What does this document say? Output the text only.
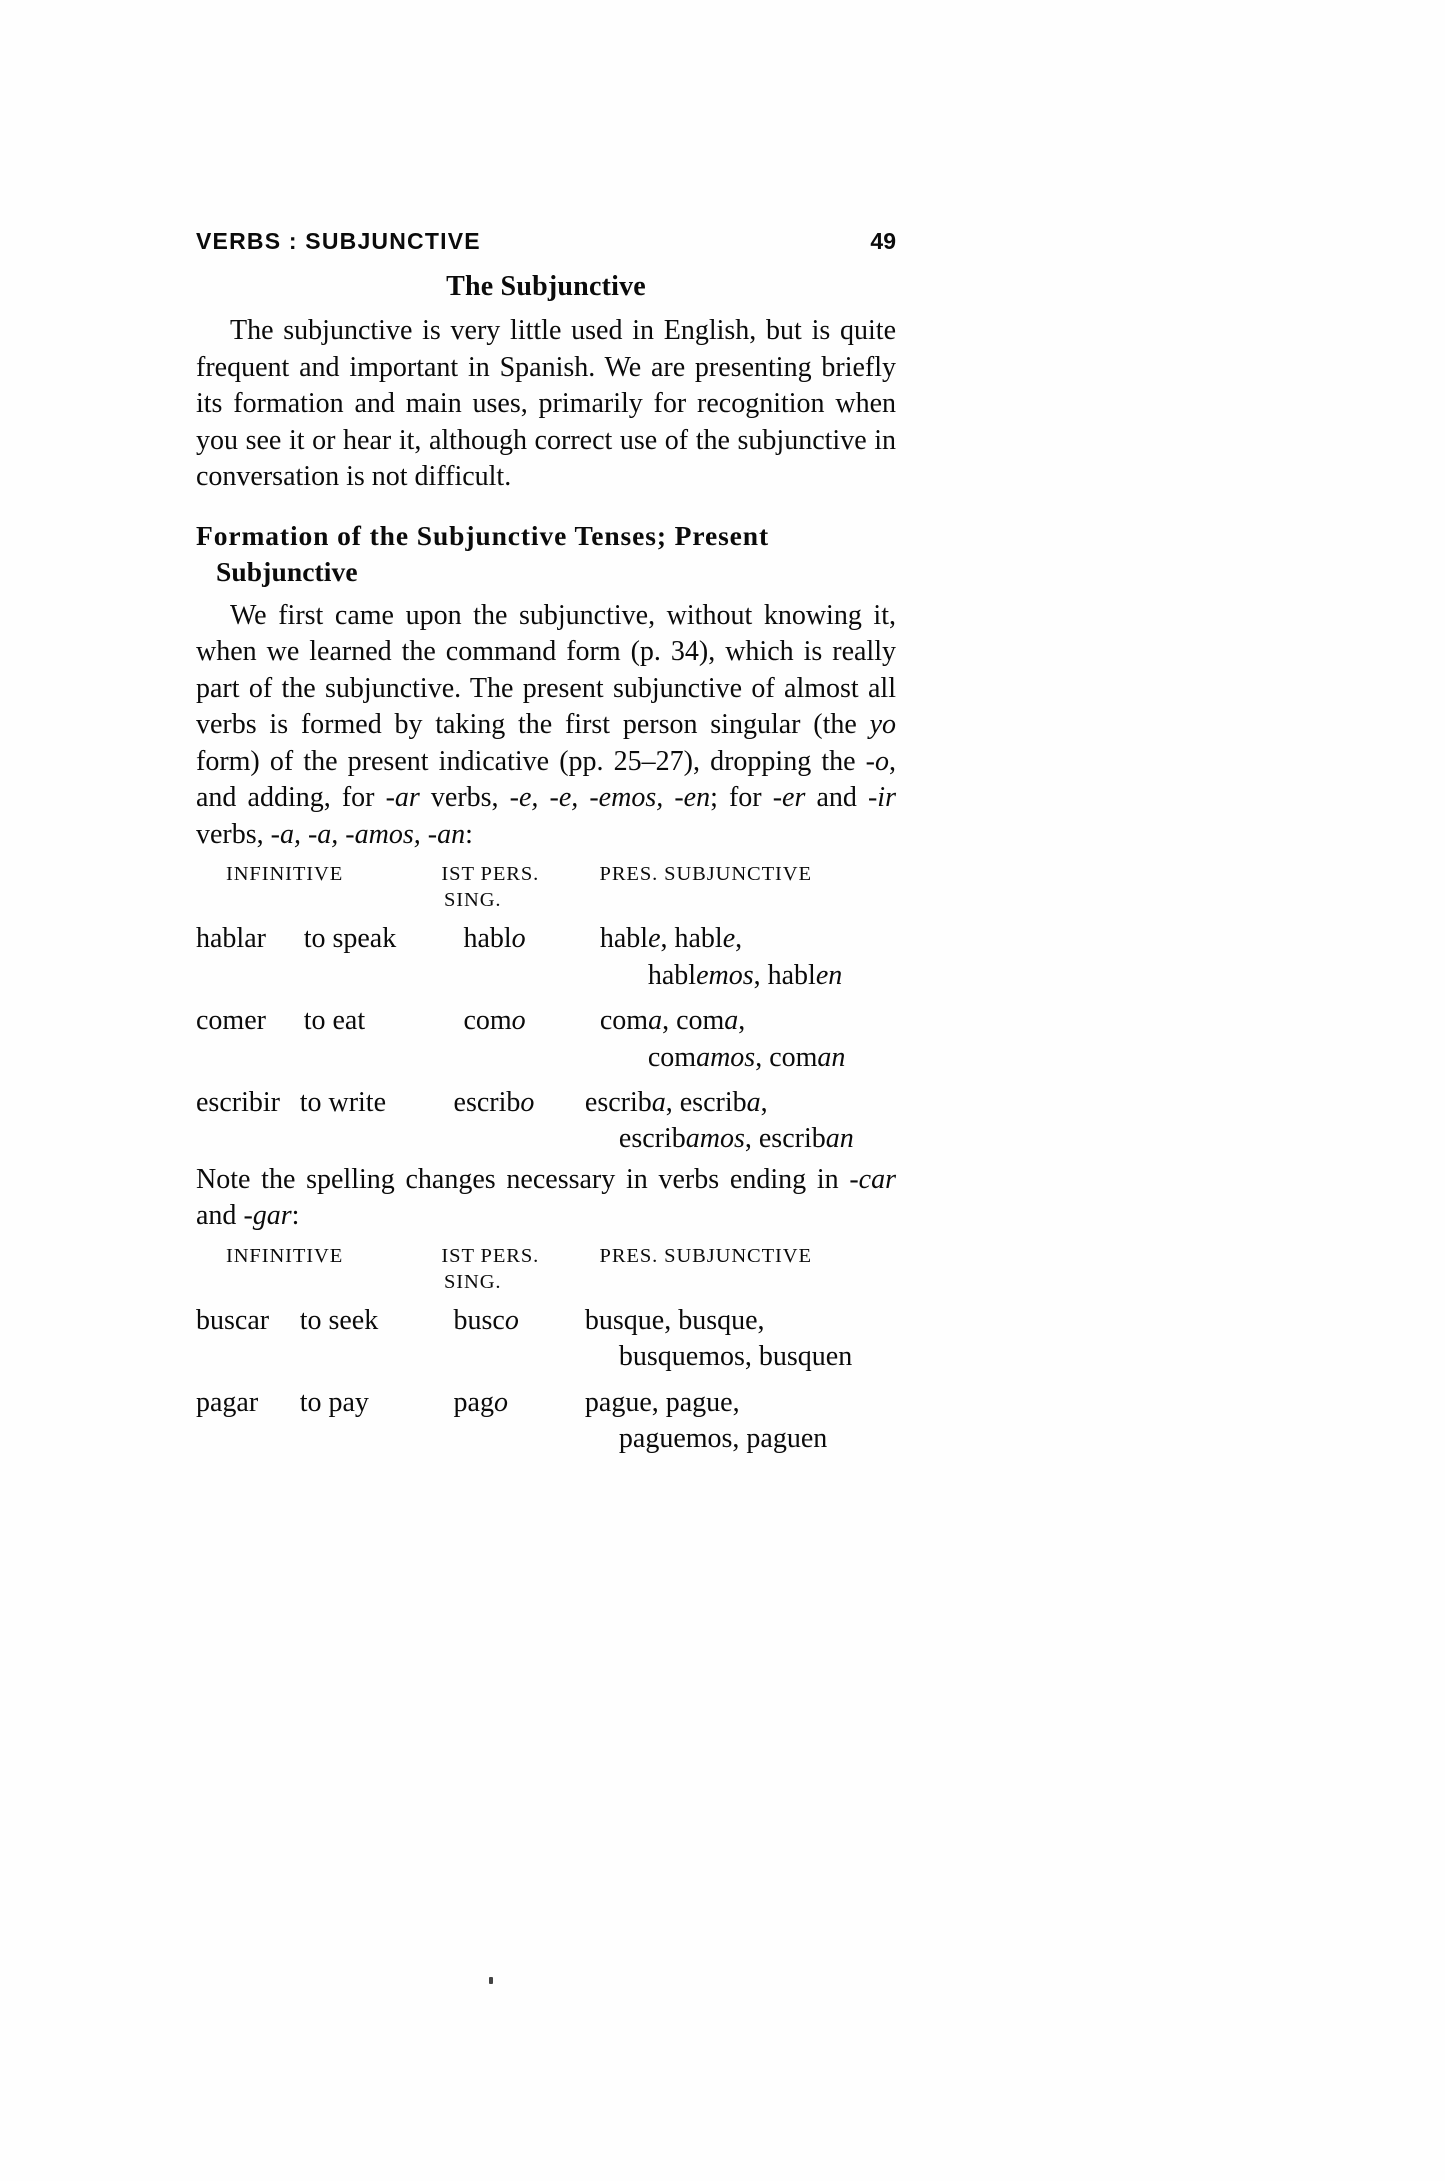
VERBS : SUBJUNCTIVE	49
The Subjunctive

The subjunctive is very little used in English, but is quite frequent and important in Spanish. We are presenting briefly its formation and main uses, primarily for recognition when you see it or hear it, although correct use of the subjunctive in conversation is not difficult.

Formation of the Subjunctive Tenses; Present
Subjunctive

We first came upon the subjunctive, without knowing it, when we learned the command form (p. 34), which is really part of the subjunctive. The present subjunctive of almost all verbs is formed by taking the first person singular (the yo form) of the present indicative (pp. 25–27), dropping the -o, and adding, for -ar verbs, -e, -e, -emos, -en; for -er and -ir verbs, -a, -a, -amos, -an:

INFINITIVE	IST PERS.	PRES. SUBJUNCTIVE
SING.
hablar	to speak	hablo	hable, hable,
hablemos, hablen
comer	to eat	como	coma, coma,
comamos, coman
escribir to write	escribo	escriba, escriba,
escribamos, escriban

Note the spelling changes necessary in verbs ending in -car and -gar:

INFINITIVE	IST PERS.	PRES. SUBJUNCTIVE
SING.
buscar	to seek	busco	busque, busque,
busquemos, busquen
pagar	to pay	pago	pague, pague,
paguemos, paguen
